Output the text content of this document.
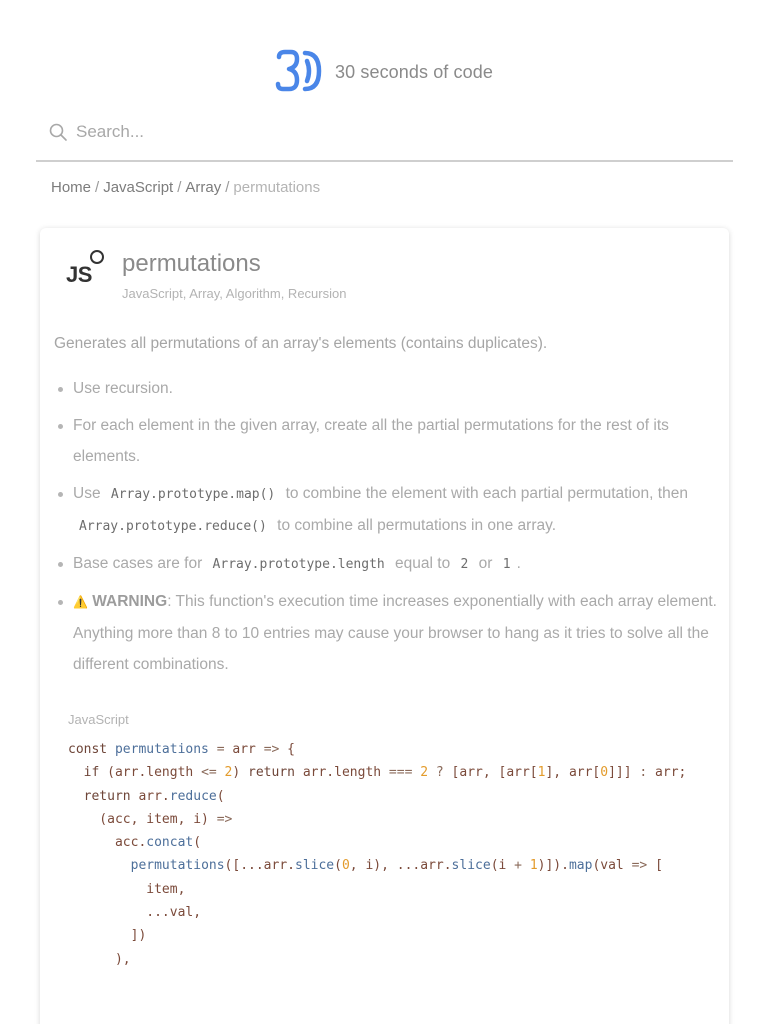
30 seconds of code
Search...
Home / JavaScript / Array / permutations
JS permutations
JavaScript, Array, Algorithm, Recursion

Generates all permutations of an array's elements (contains duplicates).

Use recursion.
For each element in the given array, create all the partial permutations for the rest of its elements.
Use Array.prototype.map() to combine the element with each partial permutation, then Array.prototype.reduce() to combine all permutations in one array.
Base cases are for Array.prototype.length equal to 2 or 1 .
⚠️ WARNING: This function's execution time increases exponentially with each array element. Anything more than 8 to 10 entries may cause your browser to hang as it tries to solve all the different combinations.
JavaScript
const permutations = arr => {
if (arr.length <= 2) return arr.length === 2 ? [arr, [arr[1], arr[0]]] : arr;
return arr.reduce(
(acc, item, i) =>
acc.concat(
permutations([...arr.slice(0, i), ...arr.slice(i + 1)]).map(val => [
item,
...val,
])
),
